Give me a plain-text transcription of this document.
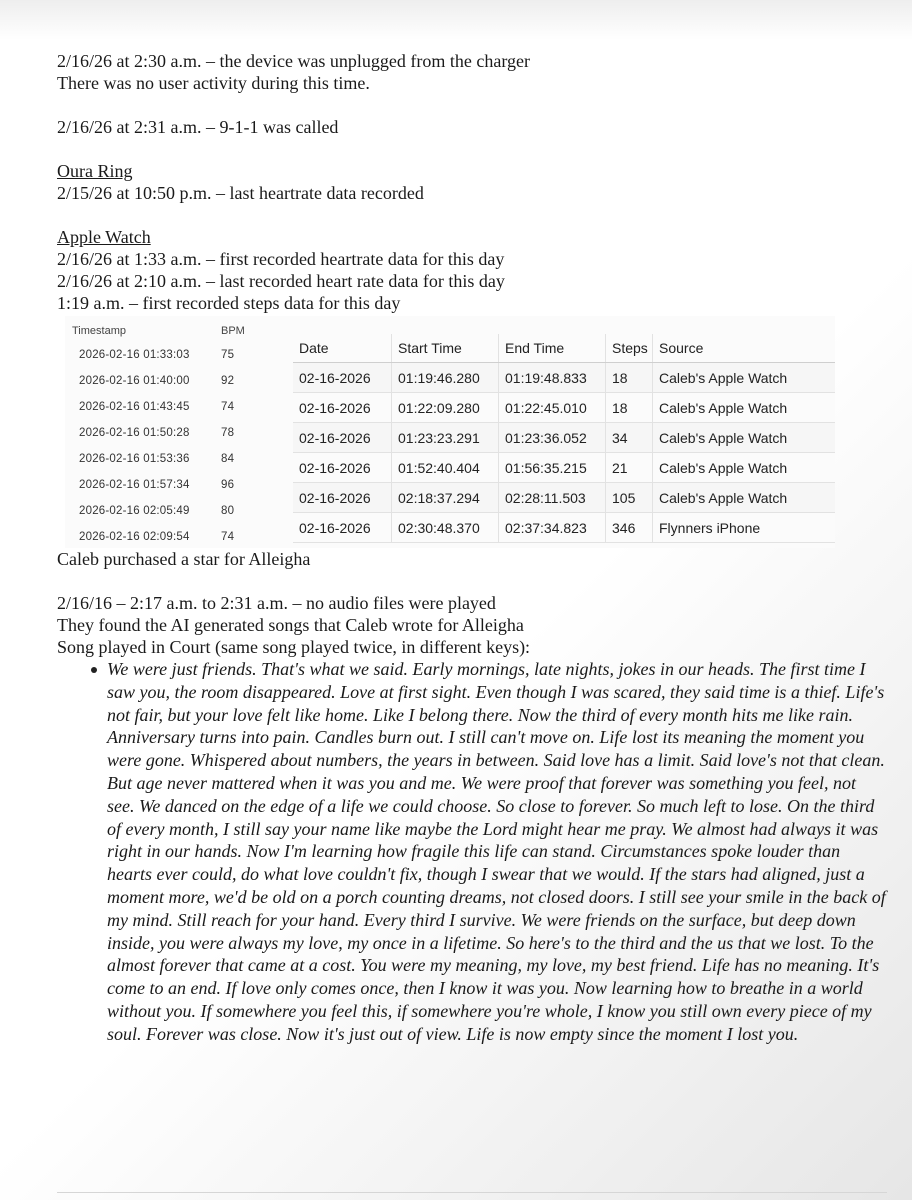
2/16/26 at 2:30 a.m. – the device was unplugged from the charger
There was no user activity during this time.
2/16/26 at 2:31 a.m. – 9-1-1 was called
Oura Ring
2/15/26 at 10:50 p.m. – last heartrate data recorded
Apple Watch
2/16/26 at 1:33 a.m. – first recorded heartrate data for this day
2/16/26 at 2:10 a.m. – last recorded heart rate data for this day
1:19 a.m. – first recorded steps data for this day
Timestamp	BPM
2026-02-16 01:33:03	75
2026-02-16 01:40:00	92
2026-02-16 01:43:45	74
2026-02-16 01:50:28	78
2026-02-16 01:53:36	84
2026-02-16 01:57:34	96
2026-02-16 02:05:49	80
2026-02-16 02:09:54	74
Date	Start Time	End Time	Steps	Source
02-16-2026	01:19:46.280	01:19:48.833	18	Caleb's Apple Watch
02-16-2026	01:22:09.280	01:22:45.010	18	Caleb's Apple Watch
02-16-2026	01:23:23.291	01:23:36.052	34	Caleb's Apple Watch
02-16-2026	01:52:40.404	01:56:35.215	21	Caleb's Apple Watch
02-16-2026	02:18:37.294	02:28:11.503	105	Caleb's Apple Watch
02-16-2026	02:30:48.370	02:37:34.823	346	Flynners iPhone
Caleb purchased a star for Alleigha
2/16/16 – 2:17 a.m. to 2:31 a.m. – no audio files were played
They found the AI generated songs that Caleb wrote for Alleigha
Song played in Court (same song played twice, in different keys):
We were just friends. That's what we said. Early mornings, late nights, jokes in our heads. The first time I saw you, the room disappeared. Love at first sight. Even though I was scared, they said time is a thief. Life's not fair, but your love felt like home. Like I belong there. Now the third of every month hits me like rain. Anniversary turns into pain. Candles burn out. I still can't move on. Life lost its meaning the moment you were gone. Whispered about numbers, the years in between. Said love has a limit. Said love's not that clean. But age never mattered when it was you and me. We were proof that forever was something you feel, not see. We danced on the edge of a life we could choose. So close to forever. So much left to lose. On the third of every month, I still say your name like maybe the Lord might hear me pray. We almost had always it was right in our hands. Now I'm learning how fragile this life can stand. Circumstances spoke louder than hearts ever could, do what love couldn't fix, though I swear that we would. If the stars had aligned, just a moment more, we'd be old on a porch counting dreams, not closed doors. I still see your smile in the back of my mind. Still reach for your hand. Every third I survive. We were friends on the surface, but deep down inside, you were always my love, my once in a lifetime. So here's to the third and the us that we lost. To the almost forever that came at a cost. You were my meaning, my love, my best friend. Life has no meaning. It's come to an end. If love only comes once, then I know it was you. Now learning how to breathe in a world without you. If somewhere you feel this, if somewhere you're whole, I know you still own every piece of my soul. Forever was close. Now it's just out of view. Life is now empty since the moment I lost you.
